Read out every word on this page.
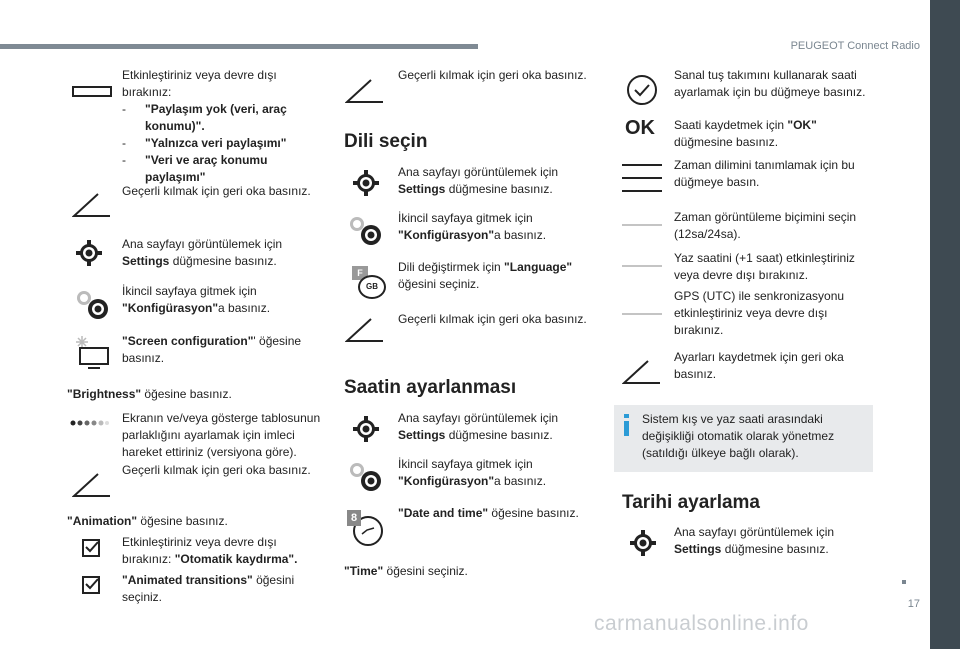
PEUGEOT Connect Radio
17
Etkinleştiriniz veya devre dışı bırakınız:
- "Paylaşım yok (veri, araç konumu)".
- "Yalnızca veri paylaşımı"
- "Veri ve araç konumu paylaşımı"
Geçerli kılmak için geri oka basınız.
Ana sayfayı görüntülemek için
Settings düğmesine basınız.
İkincil sayfaya gitmek için
"Konfigürasyon"a basınız.
"Screen configuration"' öğesine basınız.
"Brightness" öğesine basınız.
Ekranın ve/veya gösterge tablosunun parlaklığını ayarlamak için imleci hareket ettiriniz (versiyona göre).
Geçerli kılmak için geri oka basınız.
"Animation" öğesine basınız.
Etkinleştiriniz veya devre dışı bırakınız: "Otomatik kaydırma".
"Animated transitions" öğesini seçiniz.
Geçerli kılmak için geri oka basınız.
Dili seçin
Ana sayfayı görüntülemek için
Settings düğmesine basınız.
İkincil sayfaya gitmek için
"Konfigürasyon"a basınız.
F
GB
Dili değiştirmek için "Language"
öğesini seçiniz.
Geçerli kılmak için geri oka basınız.
Saatin ayarlanması
Ana sayfayı görüntülemek için
Settings düğmesine basınız.
İkincil sayfaya gitmek için
"Konfigürasyon"a basınız.
8	"Date and time" öğesine basınız.
"Time" öğesini seçiniz.
Sanal tuş takımını kullanarak saati ayarlamak için bu düğmeye basınız.
OK	Saati kaydetmek için "OK"
düğmesine basınız.
Zaman dilimini tanımlamak için bu düğmeye basın.
Zaman görüntüleme biçimini seçin (12sa/24sa).
Yaz saatini (+1 saat) etkinleştiriniz veya devre dışı bırakınız.
GPS (UTC) ile senkronizasyonu etkinleştiriniz veya devre dışı bırakınız.
Ayarları kaydetmek için geri oka basınız.
Sistem kış ve yaz saati arasındaki değişikliği otomatik olarak yönetmez (satıldığı ülkeye bağlı olarak).
Tarihi ayarlama
Ana sayfayı görüntülemek için
Settings düğmesine basınız.
carmanualsonline.info
